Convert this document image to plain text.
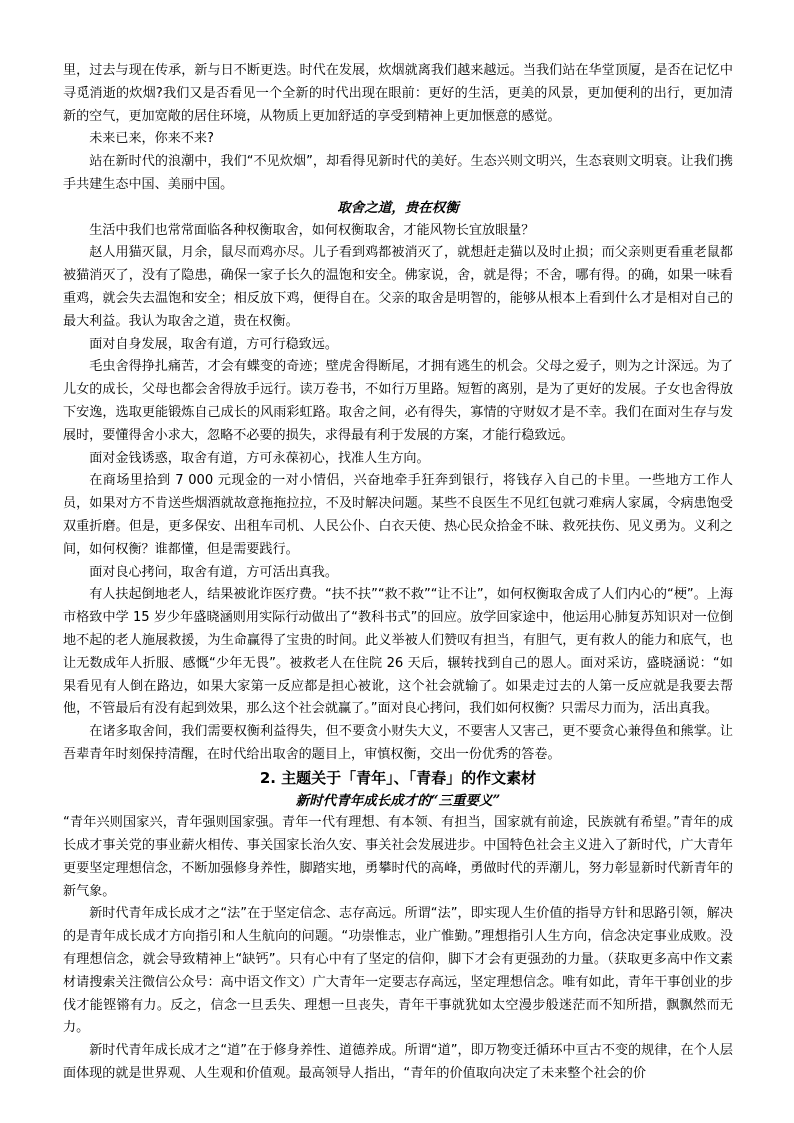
里，过去与现在传承，新与日不断更迭。时代在发展，炊烟就离我们越来越远。当我们站在华堂顶厦，是否在记忆中寻觅消逝的炊烟?我们又是否看见一个全新的时代出现在眼前：更好的生活，更美的风景，更加便利的出行，更加清新的空气，更加宽敞的居住环境，从物质上更加舒适的享受到精神上更加惬意的感觉。

未来已来，你来不来?

站在新时代的浪潮中，我们“不见炊烟”，却看得见新时代的美好。生态兴则文明兴，生态衰则文明衰。让我们携手共建生态中国、美丽中国。

取舍之道，贵在权衡

生活中我们也常常面临各种权衡取舍，如何权衡取舍，才能风物长宜放眼量？

赵人用猫灭鼠，月余，鼠尽而鸡亦尽。儿子看到鸡都被消灭了，就想赶走猫以及时止损；而父亲则更看重老鼠都被猫消灭了，没有了隐患，确保一家子长久的温饱和安全。佛家说，舍，就是得；不舍，哪有得。的确，如果一味看重鸡，就会失去温饱和安全；相反放下鸡，便得自在。父亲的取舍是明智的，能够从根本上看到什么才是相对自己的最大利益。我认为取舍之道，贵在权衡。

面对自身发展，取舍有道，方可行稳致远。

毛虫舍得挣扎痛苦，才会有蝶变的奇迹；壁虎舍得断尾，才拥有逃生的机会。父母之爱子，则为之计深远。为了儿女的成长，父母也都会舍得放手远行。读万卷书，不如行万里路。短暂的离别，是为了更好的发展。子女也舍得放下安逸，选取更能锻炼自己成长的风雨彩虹路。取舍之间，必有得失，寡情的守财奴才是不幸。我们在面对生存与发展时，要懂得舍小求大，忽略不必要的损失，求得最有利于发展的方案，才能行稳致远。

面对金钱诱惑，取舍有道，方可永葆初心，找准人生方向。

在商场里拾到 7 000 元现金的一对小情侣，兴奋地牵手狂奔到银行，将钱存入自己的卡里。一些地方工作人员，如果对方不肯送些烟酒就故意拖拖拉拉，不及时解决问题。某些不良医生不见红包就刁难病人家属，令病患饱受双重折磨。但是，更多保安、出租车司机、人民公仆、白衣天使、热心民众拾金不昧、救死扶伤、见义勇为。义利之间，如何权衡？谁都懂，但是需要践行。

面对良心拷问，取舍有道，方可活出真我。

有人扶起倒地老人，结果被讹诈医疗费。“扶不扶”“救不救”“让不让”，如何权衡取舍成了人们内心的“梗”。上海市格致中学 15 岁少年盛晓涵则用实际行动做出了“教科书式”的回应。放学回家途中，他运用心肺复苏知识对一位倒地不起的老人施展救援，为生命赢得了宝贵的时间。此义举被人们赞叹有担当，有胆气，更有救人的能力和底气，也让无数成年人折服、感慨“少年无畏”。被救老人在住院 26 天后，辗转找到自己的恩人。面对采访，盛晓涵说：“如果看见有人倒在路边，如果大家第一反应都是担心被讹，这个社会就输了。如果走过去的人第一反应就是我要去帮他，不管最后有没有起到效果，那么这个社会就赢了。”面对良心拷问，我们如何权衡？只需尽力而为，活出真我。

在诸多取舍间，我们需要权衡利益得失，但不要贪小财失大义，不要害人又害己，更不要贪心兼得鱼和熊掌。让吾辈青年时刻保持清醒，在时代给出取舍的题目上，审慎权衡，交出一份优秀的答卷。

2. 主题关于「青年」、「青春」的作文素材
新时代青年成长成才的“三重要义”

“青年兴则国家兴，青年强则国家强。青年一代有理想、有本领、有担当，国家就有前途，民族就有希望。”青年的成长成才事关党的事业薪火相传、事关国家长治久安、事关社会发展进步。中国特色社会主义进入了新时代，广大青年更要坚定理想信念，不断加强修身养性，脚踏实地，勇攀时代的高峰，勇做时代的弄潮儿，努力彰显新时代新青年的新气象。

新时代青年成长成才之“法”在于坚定信念、志存高远。所谓“法”，即实现人生价值的指导方针和思路引领，解决的是青年成长成才方向指引和人生航向的问题。“功崇惟志，业广惟勤。”理想指引人生方向，信念决定事业成败。没有理想信念，就会导致精神上“缺钙”。只有心中有了坚定的信仰，脚下才会有更强劲的力量。（获取更多高中作文素材请搜索关注微信公众号：高中语文作文）广大青年一定要志存高远，坚定理想信念。唯有如此，青年干事创业的步伐才能铿锵有力。反之，信念一旦丢失、理想一旦丧失，青年干事就犹如太空漫步般迷茫而不知所措，飘飘然而无力。

新时代青年成长成才之“道”在于修身养性、道德养成。所谓“道”，即万物变迁循环中亘古不变的规律，在个人层面体现的就是世界观、人生观和价值观。最高领导人指出，“青年的价值取向决定了未来整个社会的价
